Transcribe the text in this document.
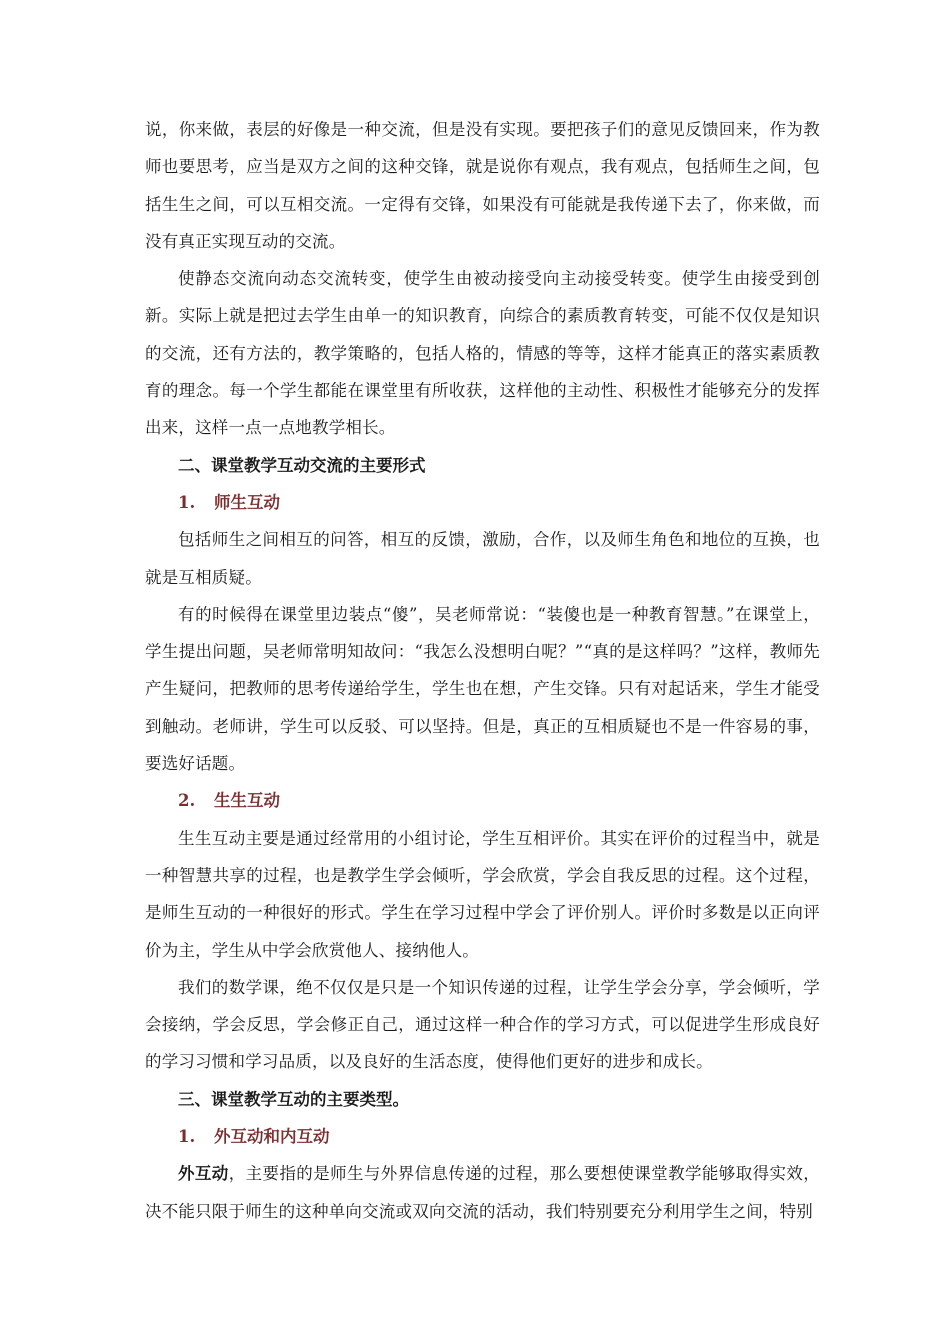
说，你来做，表层的好像是一种交流，但是没有实现。要把孩子们的意见反馈回来，作为教师也要思考，应当是双方之间的这种交锋，就是说你有观点，我有观点，包括师生之间，包括生生之间，可以互相交流。一定得有交锋，如果没有可能就是我传递下去了，你来做，而没有真正实现互动的交流。

使静态交流向动态交流转变，使学生由被动接受向主动接受转变。使学生由接受到创新。实际上就是把过去学生由单一的知识教育，向综合的素质教育转变，可能不仅仅是知识的交流，还有方法的，教学策略的，包括人格的，情感的等等，这样才能真正的落实素质教育的理念。每一个学生都能在课堂里有所收获，这样他的主动性、积极性才能够充分的发挥出来，这样一点一点地教学相长。

二、课堂教学互动交流的主要形式

1. 师生互动

包括师生之间相互的问答，相互的反馈，激励，合作，以及师生角色和地位的互换，也就是互相质疑。

有的时候得在课堂里边装点“傻”，吴老师常说：“装傻也是一种教育智慧。”在课堂上，学生提出问题，吴老师常明知故问：“我怎么没想明白呢？”“真的是这样吗？”这样，教师先产生疑问，把教师的思考传递给学生，学生也在想，产生交锋。只有对起话来，学生才能受到触动。老师讲，学生可以反驳、可以坚持。但是，真正的互相质疑也不是一件容易的事，要选好话题。

2. 生生互动

生生互动主要是通过经常用的小组讨论，学生互相评价。其实在评价的过程当中，就是一种智慧共享的过程，也是教学生学会倾听，学会欣赏，学会自我反思的过程。这个过程，是师生互动的一种很好的形式。学生在学习过程中学会了评价别人。评价时多数是以正向评价为主，学生从中学会欣赏他人、接纳他人。

我们的数学课，绝不仅仅是只是一个知识传递的过程，让学生学会分享，学会倾听，学会接纳，学会反思，学会修正自己，通过这样一种合作的学习方式，可以促进学生形成良好的学习习惯和学习品质，以及良好的生活态度，使得他们更好的进步和成长。

三、课堂教学互动的主要类型。

1. 外互动和内互动

外互动，主要指的是师生与外界信息传递的过程，那么要想使课堂教学能够取得实效，决不能只限于师生的这种单向交流或双向交流的活动，我们特别要充分利用学生之间，特别
